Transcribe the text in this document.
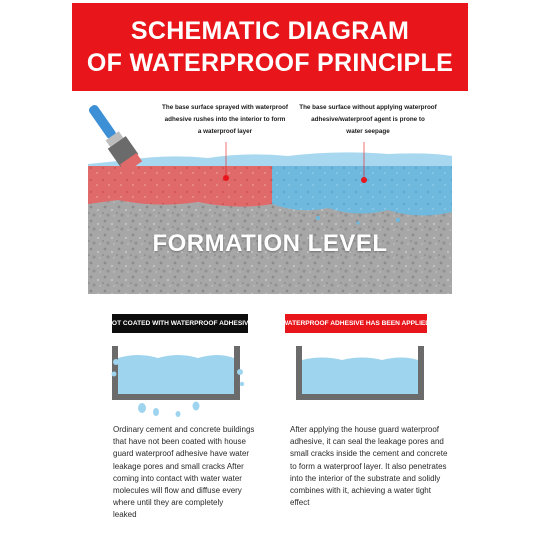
SCHEMATIC DIAGRAM
OF WATERPROOF PRINCIPLE
The base surface sprayed with waterproof
adhesive rushes into the interior to form
a waterproof layer
The base surface without applying waterproof
adhesive/waterproof agent is prone to
water seepage
FORMATION LEVEL
NOT COATED WITH WATERPROOF ADHESIVE	WATERPROOF ADHESIVE HAS BEEN APPLIED
Ordinary cement and concrete buildings
that have not been coated with house
guard waterproof adhesive have water
leakage pores and small cracks After
coming into contact with water water
molecules will flow and diffuse every
where until they are completely
leaked
After applying the house guard waterproof
adhesive, it can seal the leakage pores and
small cracks inside the cement and concrete
to form a waterproof layer. It also penetrates
into the interior of the substrate and solidly
combines with it, achieving a water tight
effect
